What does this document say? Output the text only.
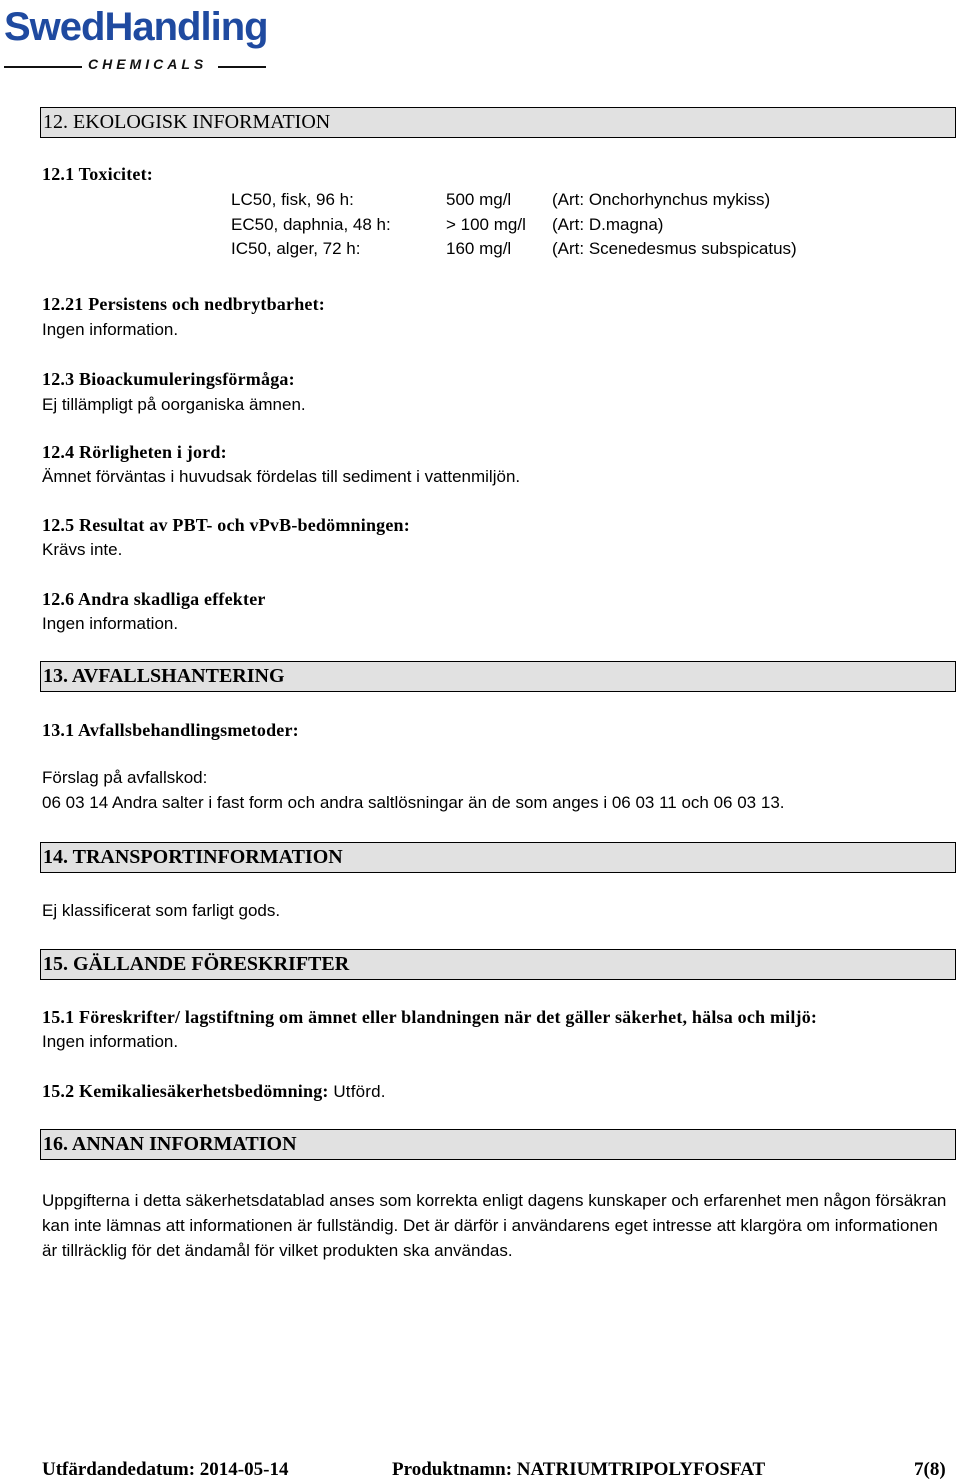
SwedHandling
CHEMICALS
12. EKOLOGISK INFORMATION
12.1 Toxicitet:
LC50, fisk, 96 h:	500 mg/l (Art: Onchorhynchus mykiss)
EC50, daphnia, 48 h:	> 100 mg/l (Art: D.magna)
IC50, alger, 72 h:	160 mg/l (Art: Scenedesmus subspicatus)
12.21 Persistens och nedbrytbarhet:
Ingen information.
12.3 Bioackumuleringsförmåga:
Ej tillämpligt på oorganiska ämnen.
12.4 Rörligheten i jord:
Ämnet förväntas i huvudsak fördelas till sediment i vattenmiljön.
12.5 Resultat av PBT- och vPvB-bedömningen:
Krävs inte.
12.6 Andra skadliga effekter
Ingen information.
13. AVFALLSHANTERING
13.1 Avfallsbehandlingsmetoder:
Förslag på avfallskod:
06 03 14 Andra salter i fast form och andra saltlösningar än de som anges i 06 03 11 och 06 03 13.
14. TRANSPORTINFORMATION
Ej klassificerat som farligt gods.
15. GÄLLANDE FÖRESKRIFTER
15.1 Föreskrifter/ lagstiftning om ämnet eller blandningen när det gäller säkerhet, hälsa och miljö:
Ingen information.
15.2 Kemikaliesäkerhetsbedömning: Utförd.
16. ANNAN INFORMATION
Uppgifterna i detta säkerhetsdatablad anses som korrekta enligt dagens kunskaper och erfarenhet men någon försäkran kan inte lämnas att informationen är fullständig. Det är därför i användarens eget intresse att klargöra om informationen är tillräcklig för det ändamål för vilket produkten ska användas.
Utfärdandedatum: 2014-05-14	Produktnamn: NATRIUMTRIPOLYFOSFAT	7(8)
